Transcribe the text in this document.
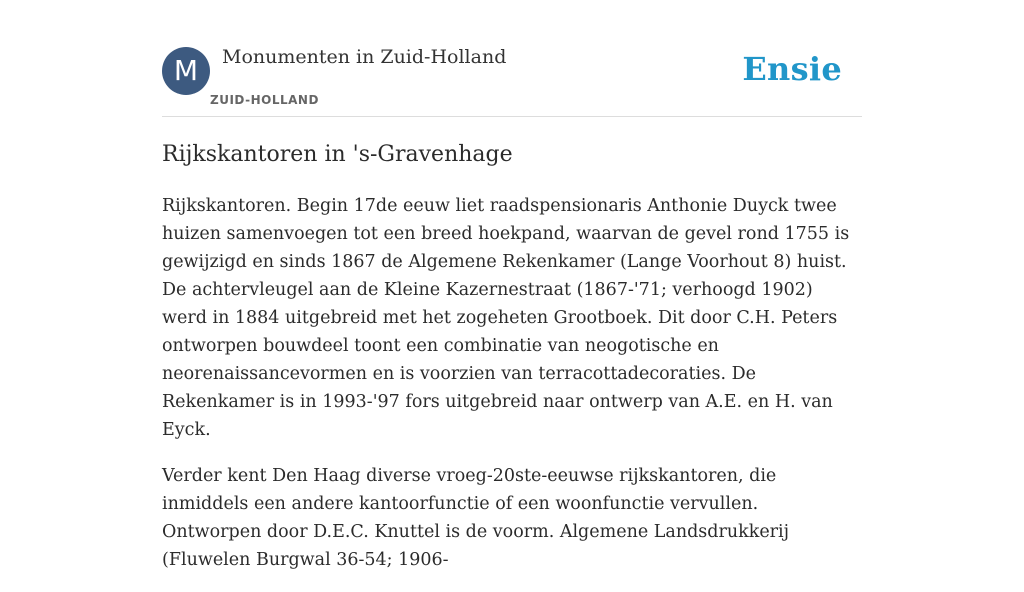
M	Monumenten in Zuid-Holland
ZUID-HOLLAND
Ensie
Rijkskantoren in 's-Gravenhage

Rijkskantoren. Begin 17de eeuw liet raadspensionaris Anthonie Duyck twee huizen samenvoegen tot een breed hoekpand, waarvan de gevel rond 1755 is gewijzigd en sinds 1867 de Algemene Rekenkamer (Lange Voorhout 8) huist. De achtervleugel aan de Kleine Kazernestraat (1867-'71; verhoogd 1902) werd in 1884 uitgebreid met het zogeheten Grootboek. Dit door C.H. Peters ontworpen bouwdeel toont een combinatie van neogotische en neorenaissancevormen en is voorzien van terracottadecoraties. De Rekenkamer is in 1993-'97 fors uitgebreid naar ontwerp van A.E. en H. van Eyck.

Verder kent Den Haag diverse vroeg-20ste-eeuwse rijkskantoren, die inmiddels een andere kantoorfunctie of een woonfunctie vervullen. Ontworpen door D.E.C. Knuttel is de voorm. Algemene Landsdrukkerij (Fluwelen Burgwal 36-54; 1906-
